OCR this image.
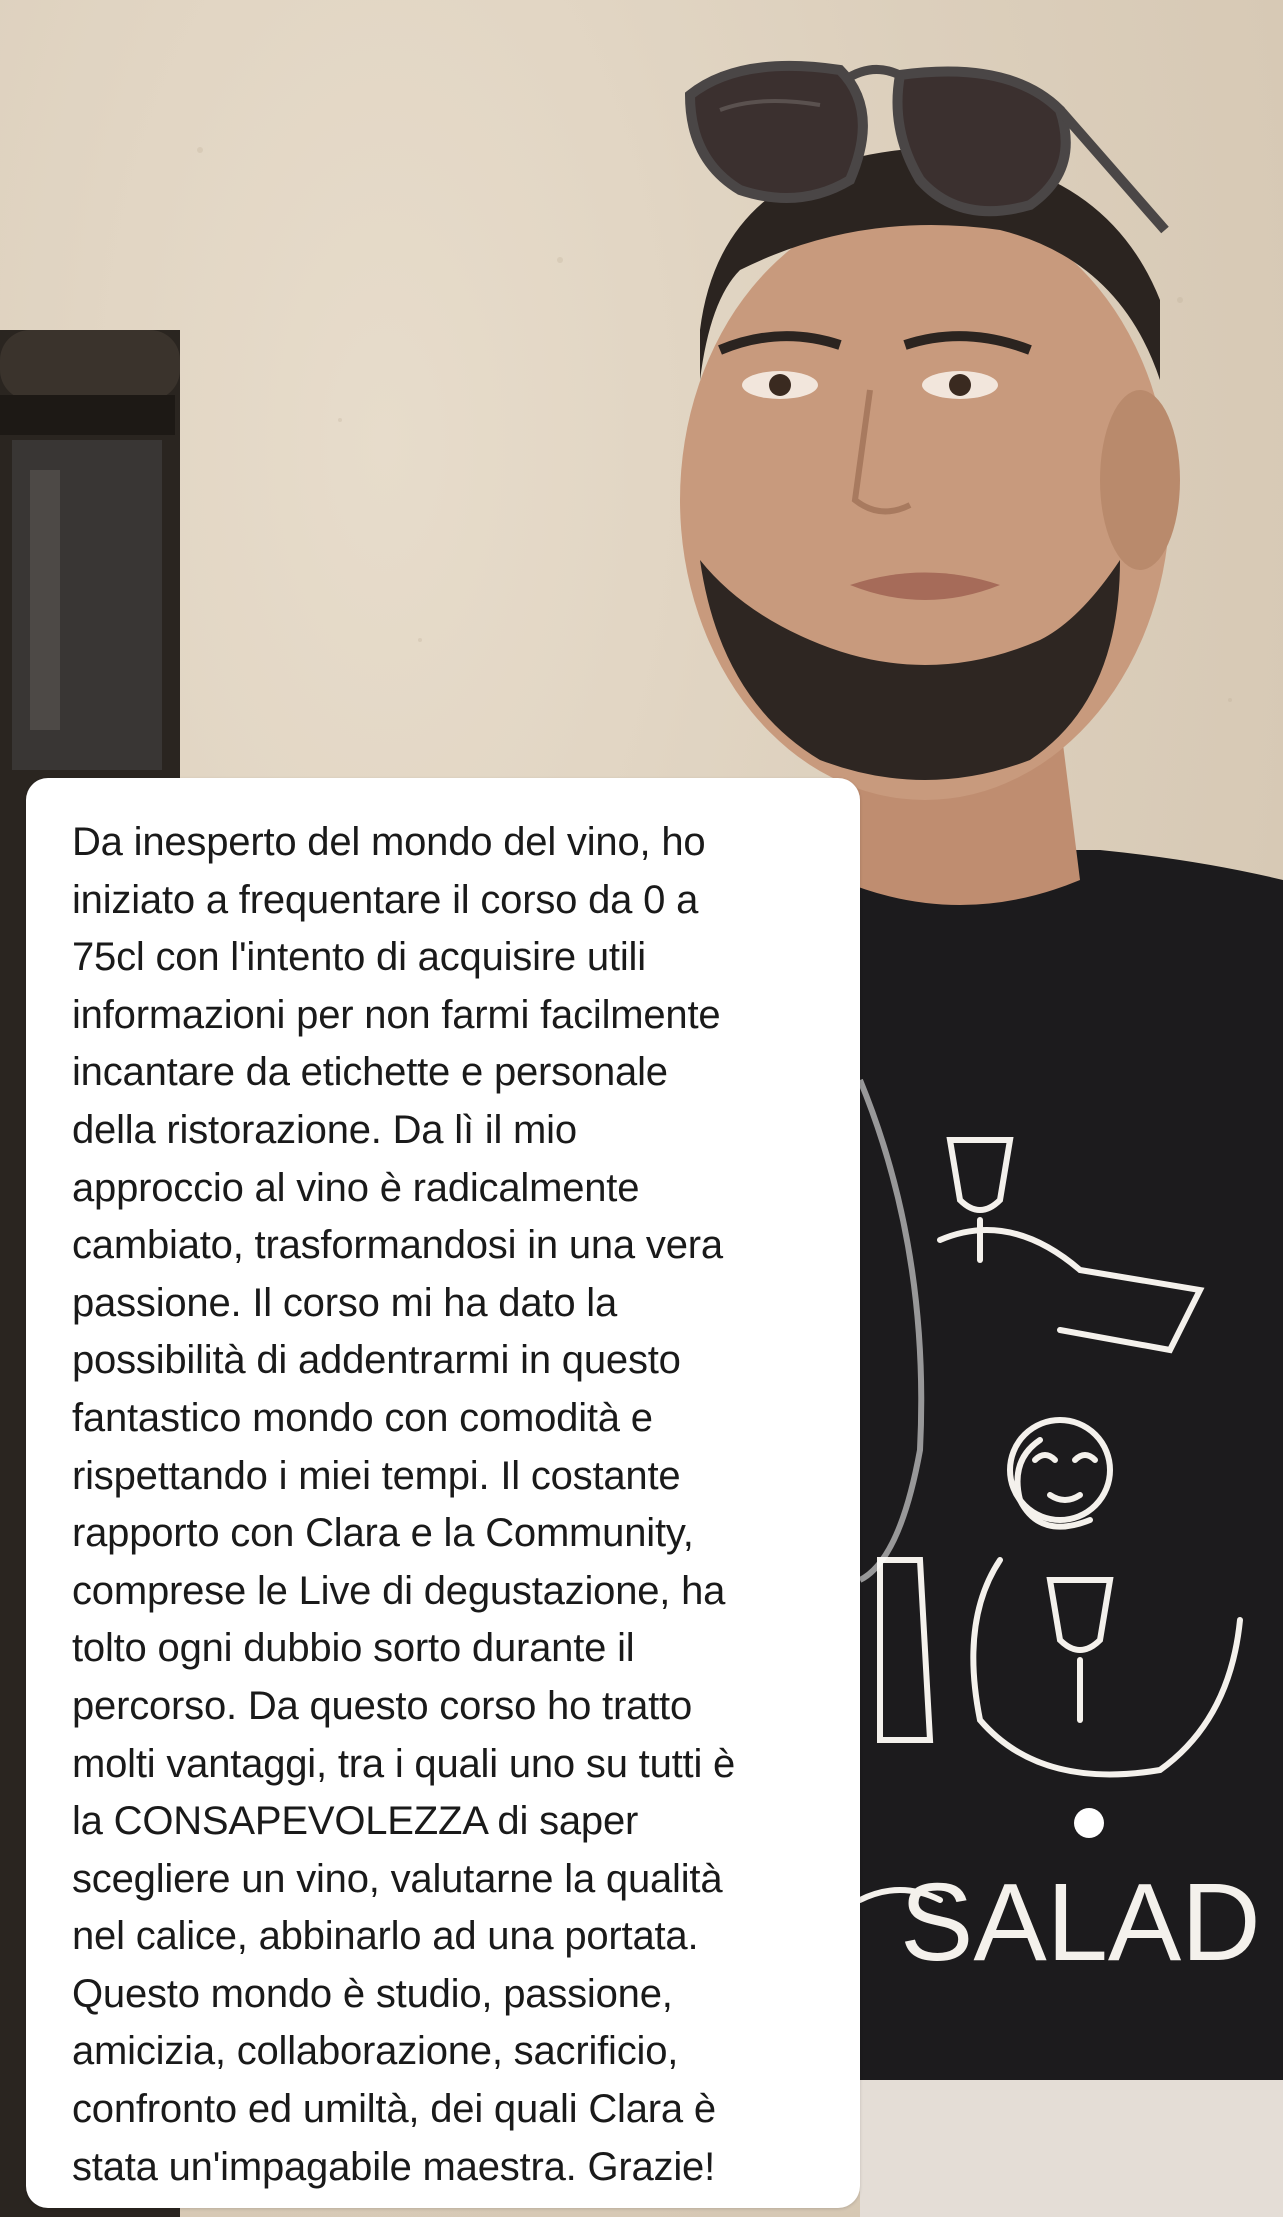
SALAD

Da inesperto del mondo del vino, ho
iniziato a frequentare il corso da 0 a
75cl con l'intento di acquisire utili
informazioni per non farmi facilmente
incantare da etichette e personale
della ristorazione. Da lì il mio
approccio al vino è radicalmente
cambiato, trasformandosi in una vera
passione. Il corso mi ha dato la
possibilità di addentrarmi in questo
fantastico mondo con comodità e
rispettando i miei tempi. Il costante
rapporto con Clara e la Community,
comprese le Live di degustazione, ha
tolto ogni dubbio sorto durante il
percorso. Da questo corso ho tratto
molti vantaggi, tra i quali uno su tutti è
la CONSAPEVOLEZZA di saper
scegliere un vino, valutarne la qualità
nel calice, abbinarlo ad una portata.
Questo mondo è studio, passione,
amicizia, collaborazione, sacrificio,
confronto ed umiltà, dei quali Clara è
stata un'impagabile maestra. Grazie!
